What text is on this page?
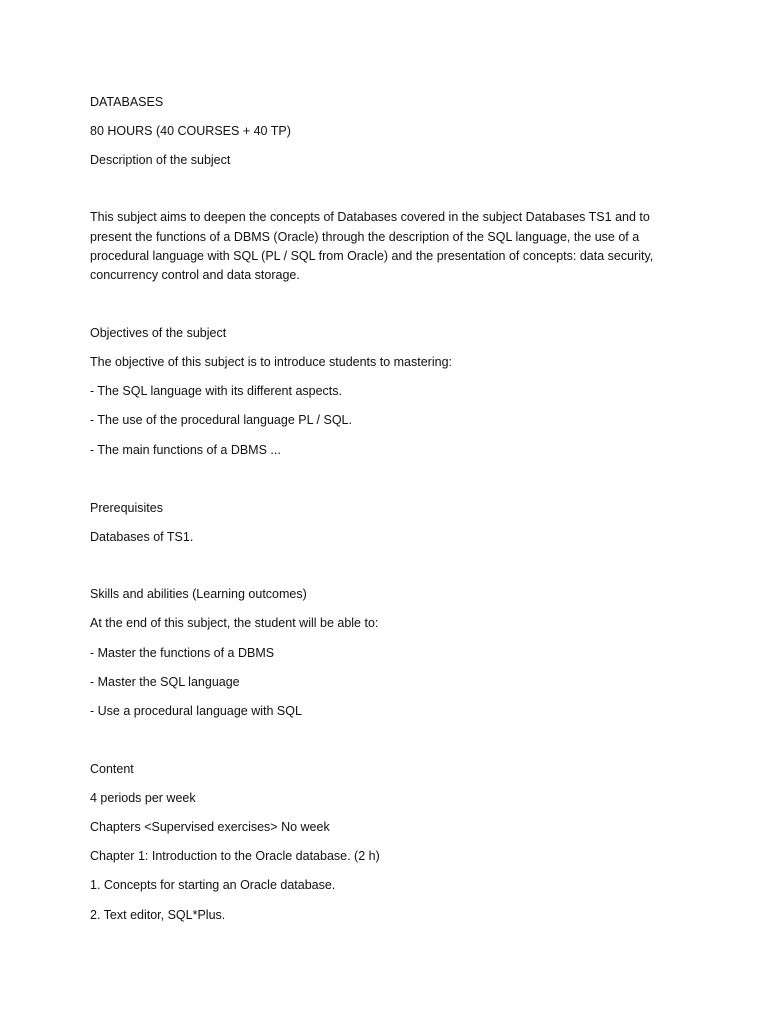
DATABASES

80 HOURS (40 COURSES + 40 TP)

Description of the subject

This subject aims to deepen the concepts of Databases covered in the subject Databases TS1 and to

present the functions of a DBMS (Oracle) through the description of the SQL language, the use of a

procedural language with SQL (PL / SQL from Oracle) and the presentation of concepts: data security,

concurrency control and data storage.

Objectives of the subject

The objective of this subject is to introduce students to mastering:

- The SQL language with its different aspects.

- The use of the procedural language PL / SQL.

- The main functions of a DBMS ...

Prerequisites

Databases of TS1.

Skills and abilities (Learning outcomes)

At the end of this subject, the student will be able to:

- Master the functions of a DBMS

- Master the SQL language

- Use a procedural language with SQL

Content

4 periods per week

Chapters <Supervised exercises> No week

Chapter 1: Introduction to the Oracle database. (2 h)

1. Concepts for starting an Oracle database.

2. Text editor, SQL*Plus.
